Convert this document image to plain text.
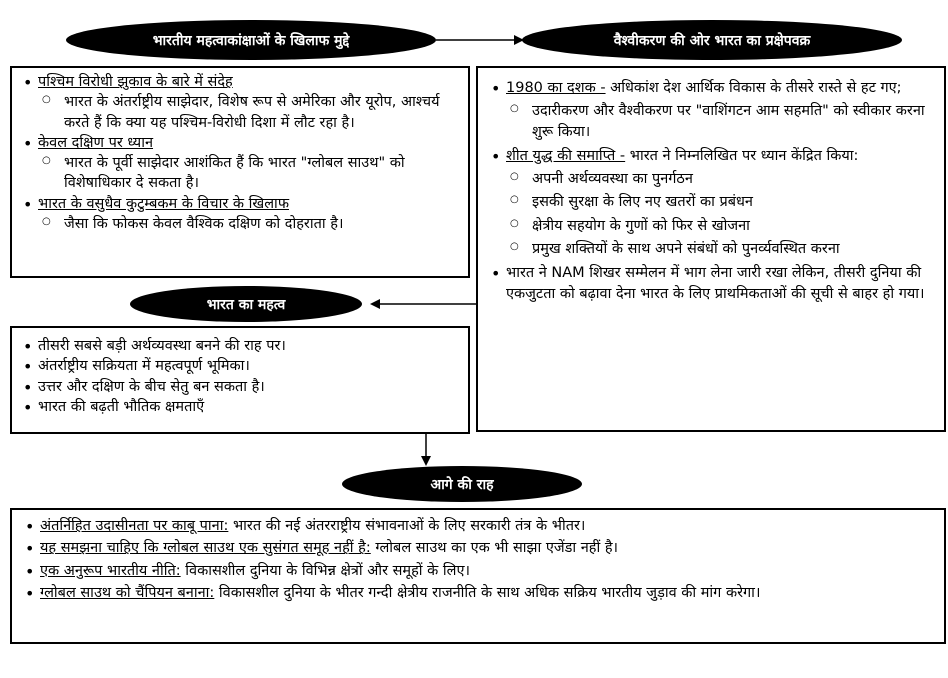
भारतीय महत्वाकांक्षाओं के खिलाफ मुद्दे	वैश्वीकरण की ओर भारत का प्रक्षेपवक्र
भारत का महत्व
आगे की राह
• पश्चिम विरोधी झुकाव के बारे में संदेह
○ भारत के अंतर्राष्ट्रीय साझेदार, विशेष रूप से अमेरिका और यूरोप, आश्चर्य करते हैं कि क्या यह पश्चिम-विरोधी दिशा में लौट रहा है।
• केवल दक्षिण पर ध्यान
○ भारत के पूर्वी साझेदार आशंकित हैं कि भारत "ग्लोबल साउथ" को विशेषाधिकार दे सकता है।
• भारत के वसुधैव कुटुम्बकम के विचार के खिलाफ
○ जैसा कि फोकस केवल वैश्विक दक्षिण को दोहराता है।
• 1980 का दशक - अधिकांश देश आर्थिक विकास के तीसरे रास्ते से हट गए;
○ उदारीकरण और वैश्वीकरण पर "वाशिंगटन आम सहमति" को स्वीकार करना शुरू किया।
• शीत युद्ध की समाप्ति - भारत ने निम्नलिखित पर ध्यान केंद्रित किया:
○ अपनी अर्थव्यवस्था का पुनर्गठन
○ इसकी सुरक्षा के लिए नए खतरों का प्रबंधन
○ क्षेत्रीय सहयोग के गुणों को फिर से खोजना
○ प्रमुख शक्तियों के साथ अपने संबंधों को पुनर्व्यवस्थित करना
• भारत ने NAM शिखर सम्मेलन में भाग लेना जारी रखा लेकिन, तीसरी दुनिया की एकजुटता को बढ़ावा देना भारत के लिए प्राथमिकताओं की सूची से बाहर हो गया।
• तीसरी सबसे बड़ी अर्थव्यवस्था बनने की राह पर।
• अंतर्राष्ट्रीय सक्रियता में महत्वपूर्ण भूमिका।
• उत्तर और दक्षिण के बीच सेतु बन सकता है।
• भारत की बढ़ती भौतिक क्षमताएँ
• अंतर्निहित उदासीनता पर काबू पाना: भारत की नई अंतरराष्ट्रीय संभावनाओं के लिए सरकारी तंत्र के भीतर।
• यह समझना चाहिए कि ग्लोबल साउथ एक सुसंगत समूह नहीं है: ग्लोबल साउथ का एक भी साझा एजेंडा नहीं है।
• एक अनुरूप भारतीय नीति: विकासशील दुनिया के विभिन्न क्षेत्रों और समूहों के लिए।
• ग्लोबल साउथ को चैंपियन बनाना: विकासशील दुनिया के भीतर गन्दी क्षेत्रीय राजनीति के साथ अधिक सक्रिय भारतीय जुड़ाव की मांग करेगा।
